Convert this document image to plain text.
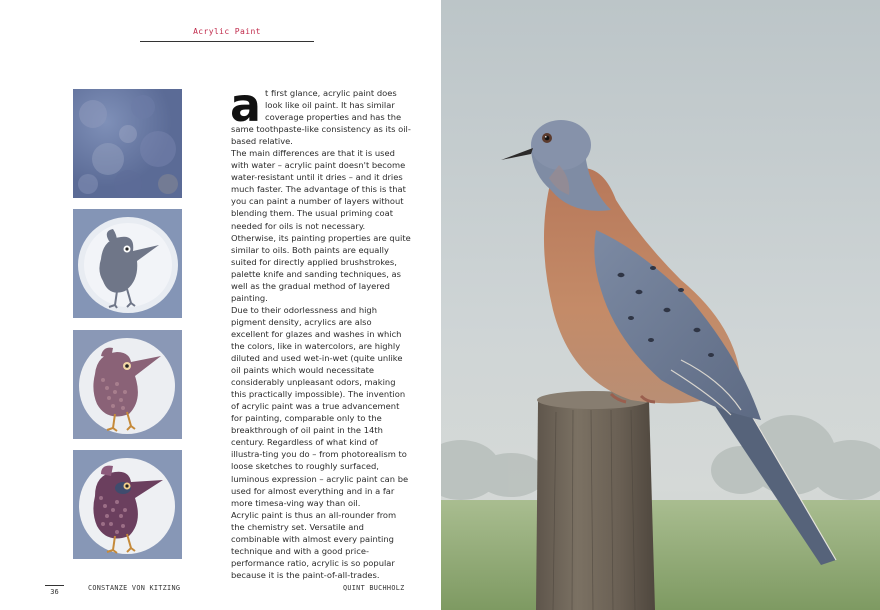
Acrylic Paint

at first glance, acrylic paint does look like oil paint. It has similar coverage properties and has the same toothpaste-like consistency as its oil-based relative.

The main differences are that it is used with water – acrylic paint doesn't become water-resistant until it dries – and it dries much faster. The advantage of this is that you can paint a number of layers without blending them. The usual priming coat needed for oils is not necessary. Otherwise, its painting properties are quite similar to oils. Both paints are equally suited for directly applied brushstrokes, palette knife and sanding techniques, as well as the gradual method of layered painting.

Due to their odorlessness and high pigment density, acrylics are also excellent for glazes and washes in which the colors, like in watercolors, are highly diluted and used wet-in-wet (quite unlike oil paints which would necessitate considerably unpleasant odors, making this practically impossible). The invention of acrylic paint was a true advancement for painting, comparable only to the breakthrough of oil paint in the 14th century. Regardless of what kind of illustra-ting you do – from photorealism to loose sketches to roughly surfaced, luminous expression – acrylic paint can be used for almost everything and in a far more timesa-ving way than oil.

Acrylic paint is thus an all-rounder from the chemistry set. Versatile and combinable with almost every painting technique and with a good price-performance ratio, acrylic is so popular because it is the paint-of-all-trades.

36	CONSTANZE VON KITZING	QUINT BUCHHOLZ
